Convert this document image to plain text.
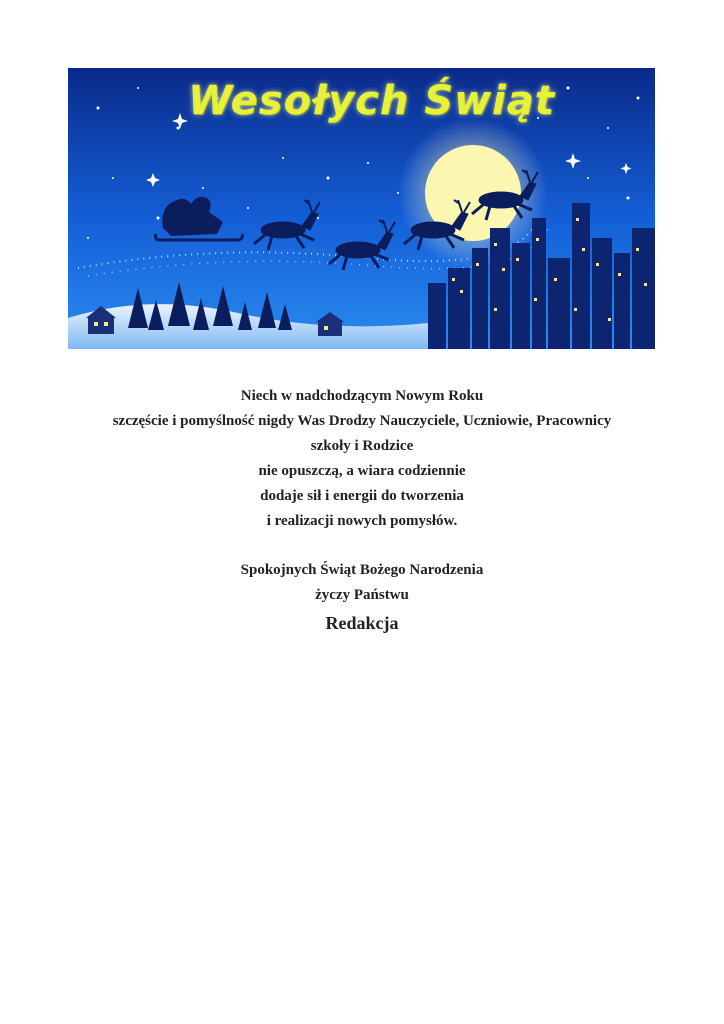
Wesołych Świąt
Niech w nadchodzącym Nowym Roku
szczęście i pomyślność nigdy Was Drodzy Nauczyciele, Uczniowie, Pracownicy
szkoły i Rodzice
nie opuszczą, a wiara codziennie
dodaje sił i energii do tworzenia
i realizacji nowych pomysłów.
Spokojnych Świąt Bożego Narodzenia
życzy Państwu
Redakcja
